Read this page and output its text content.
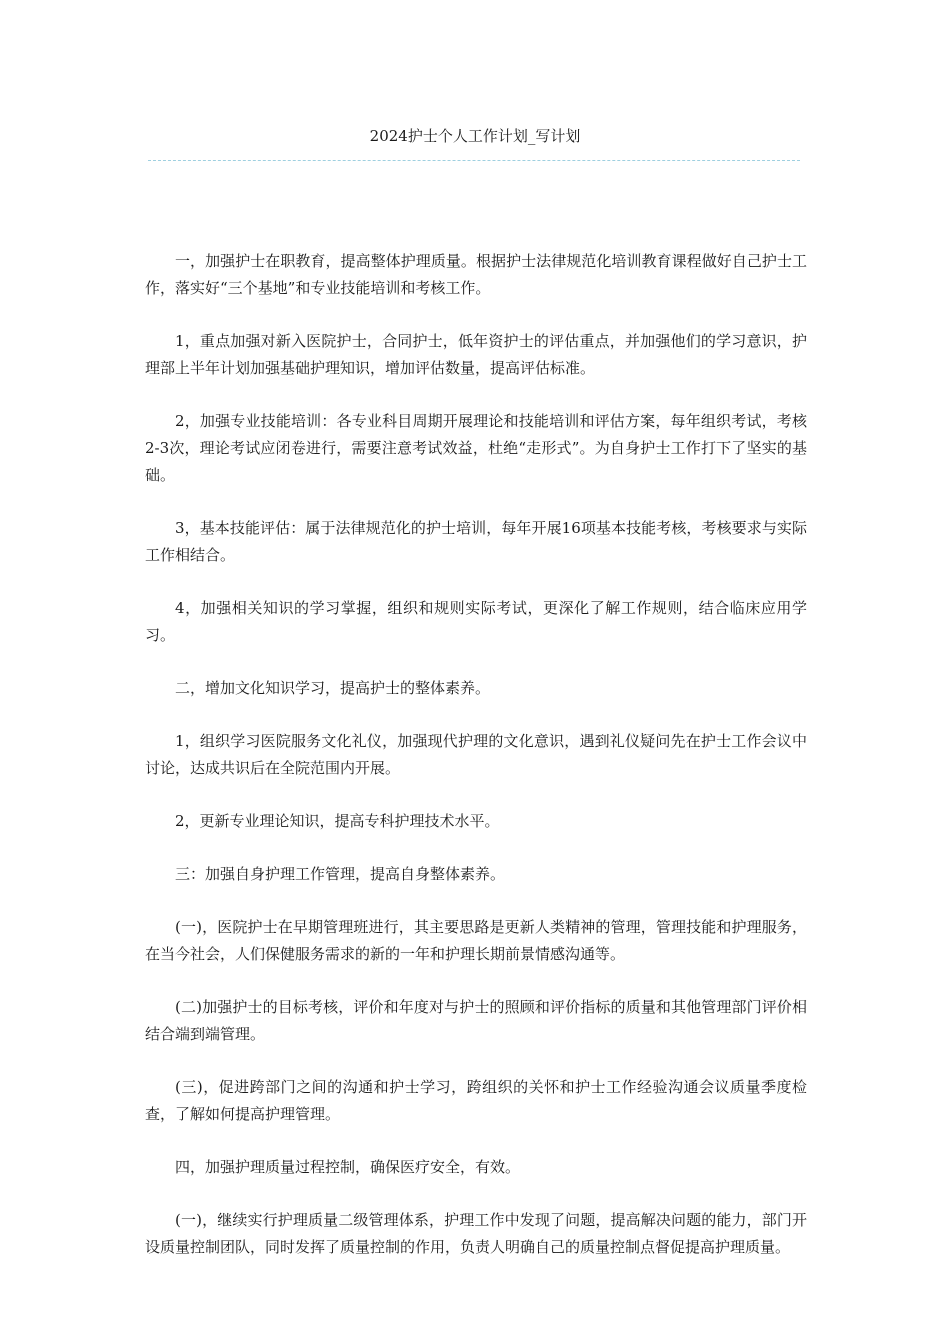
2024护士个人工作计划_写计划

一，加强护士在职教育，提高整体护理质量。根据护士法律规范化培训教育课程做好自己护士工作，落实好“三个基地”和专业技能培训和考核工作。

1，重点加强对新入医院护士，合同护士，低年资护士的评估重点，并加强他们的学习意识，护理部上半年计划加强基础护理知识，增加评估数量，提高评估标准。

2，加强专业技能培训：各专业科目周期开展理论和技能培训和评估方案，每年组织考试，考核2-3次，理论考试应闭卷进行，需要注意考试效益，杜绝“走形式”。为自身护士工作打下了坚实的基础。

3，基本技能评估：属于法律规范化的护士培训，每年开展16项基本技能考核，考核要求与实际工作相结合。

4，加强相关知识的学习掌握，组织和规则实际考试，更深化了解工作规则，结合临床应用学习。

二，增加文化知识学习，提高护士的整体素养。

1，组织学习医院服务文化礼仪，加强现代护理的文化意识，遇到礼仪疑问先在护士工作会议中讨论，达成共识后在全院范围内开展。

2，更新专业理论知识，提高专科护理技术水平。

三：加强自身护理工作管理，提高自身整体素养。

(一)，医院护士在早期管理班进行，其主要思路是更新人类精神的管理，管理技能和护理服务，在当今社会，人们保健服务需求的新的一年和护理长期前景情感沟通等。

(二)加强护士的目标考核，评价和年度对与护士的照顾和评价指标的质量和其他管理部门评价相结合端到端管理。

(三)，促进跨部门之间的沟通和护士学习，跨组织的关怀和护士工作经验沟通会议质量季度检查，了解如何提高护理管理。

四，加强护理质量过程控制，确保医疗安全，有效。

(一)，继续实行护理质量二级管理体系，护理工作中发现了问题，提高解决问题的能力，部门开设质量控制团队，同时发挥了质量控制的作用，负责人明确自己的质量控制点督促提高护理质量。
